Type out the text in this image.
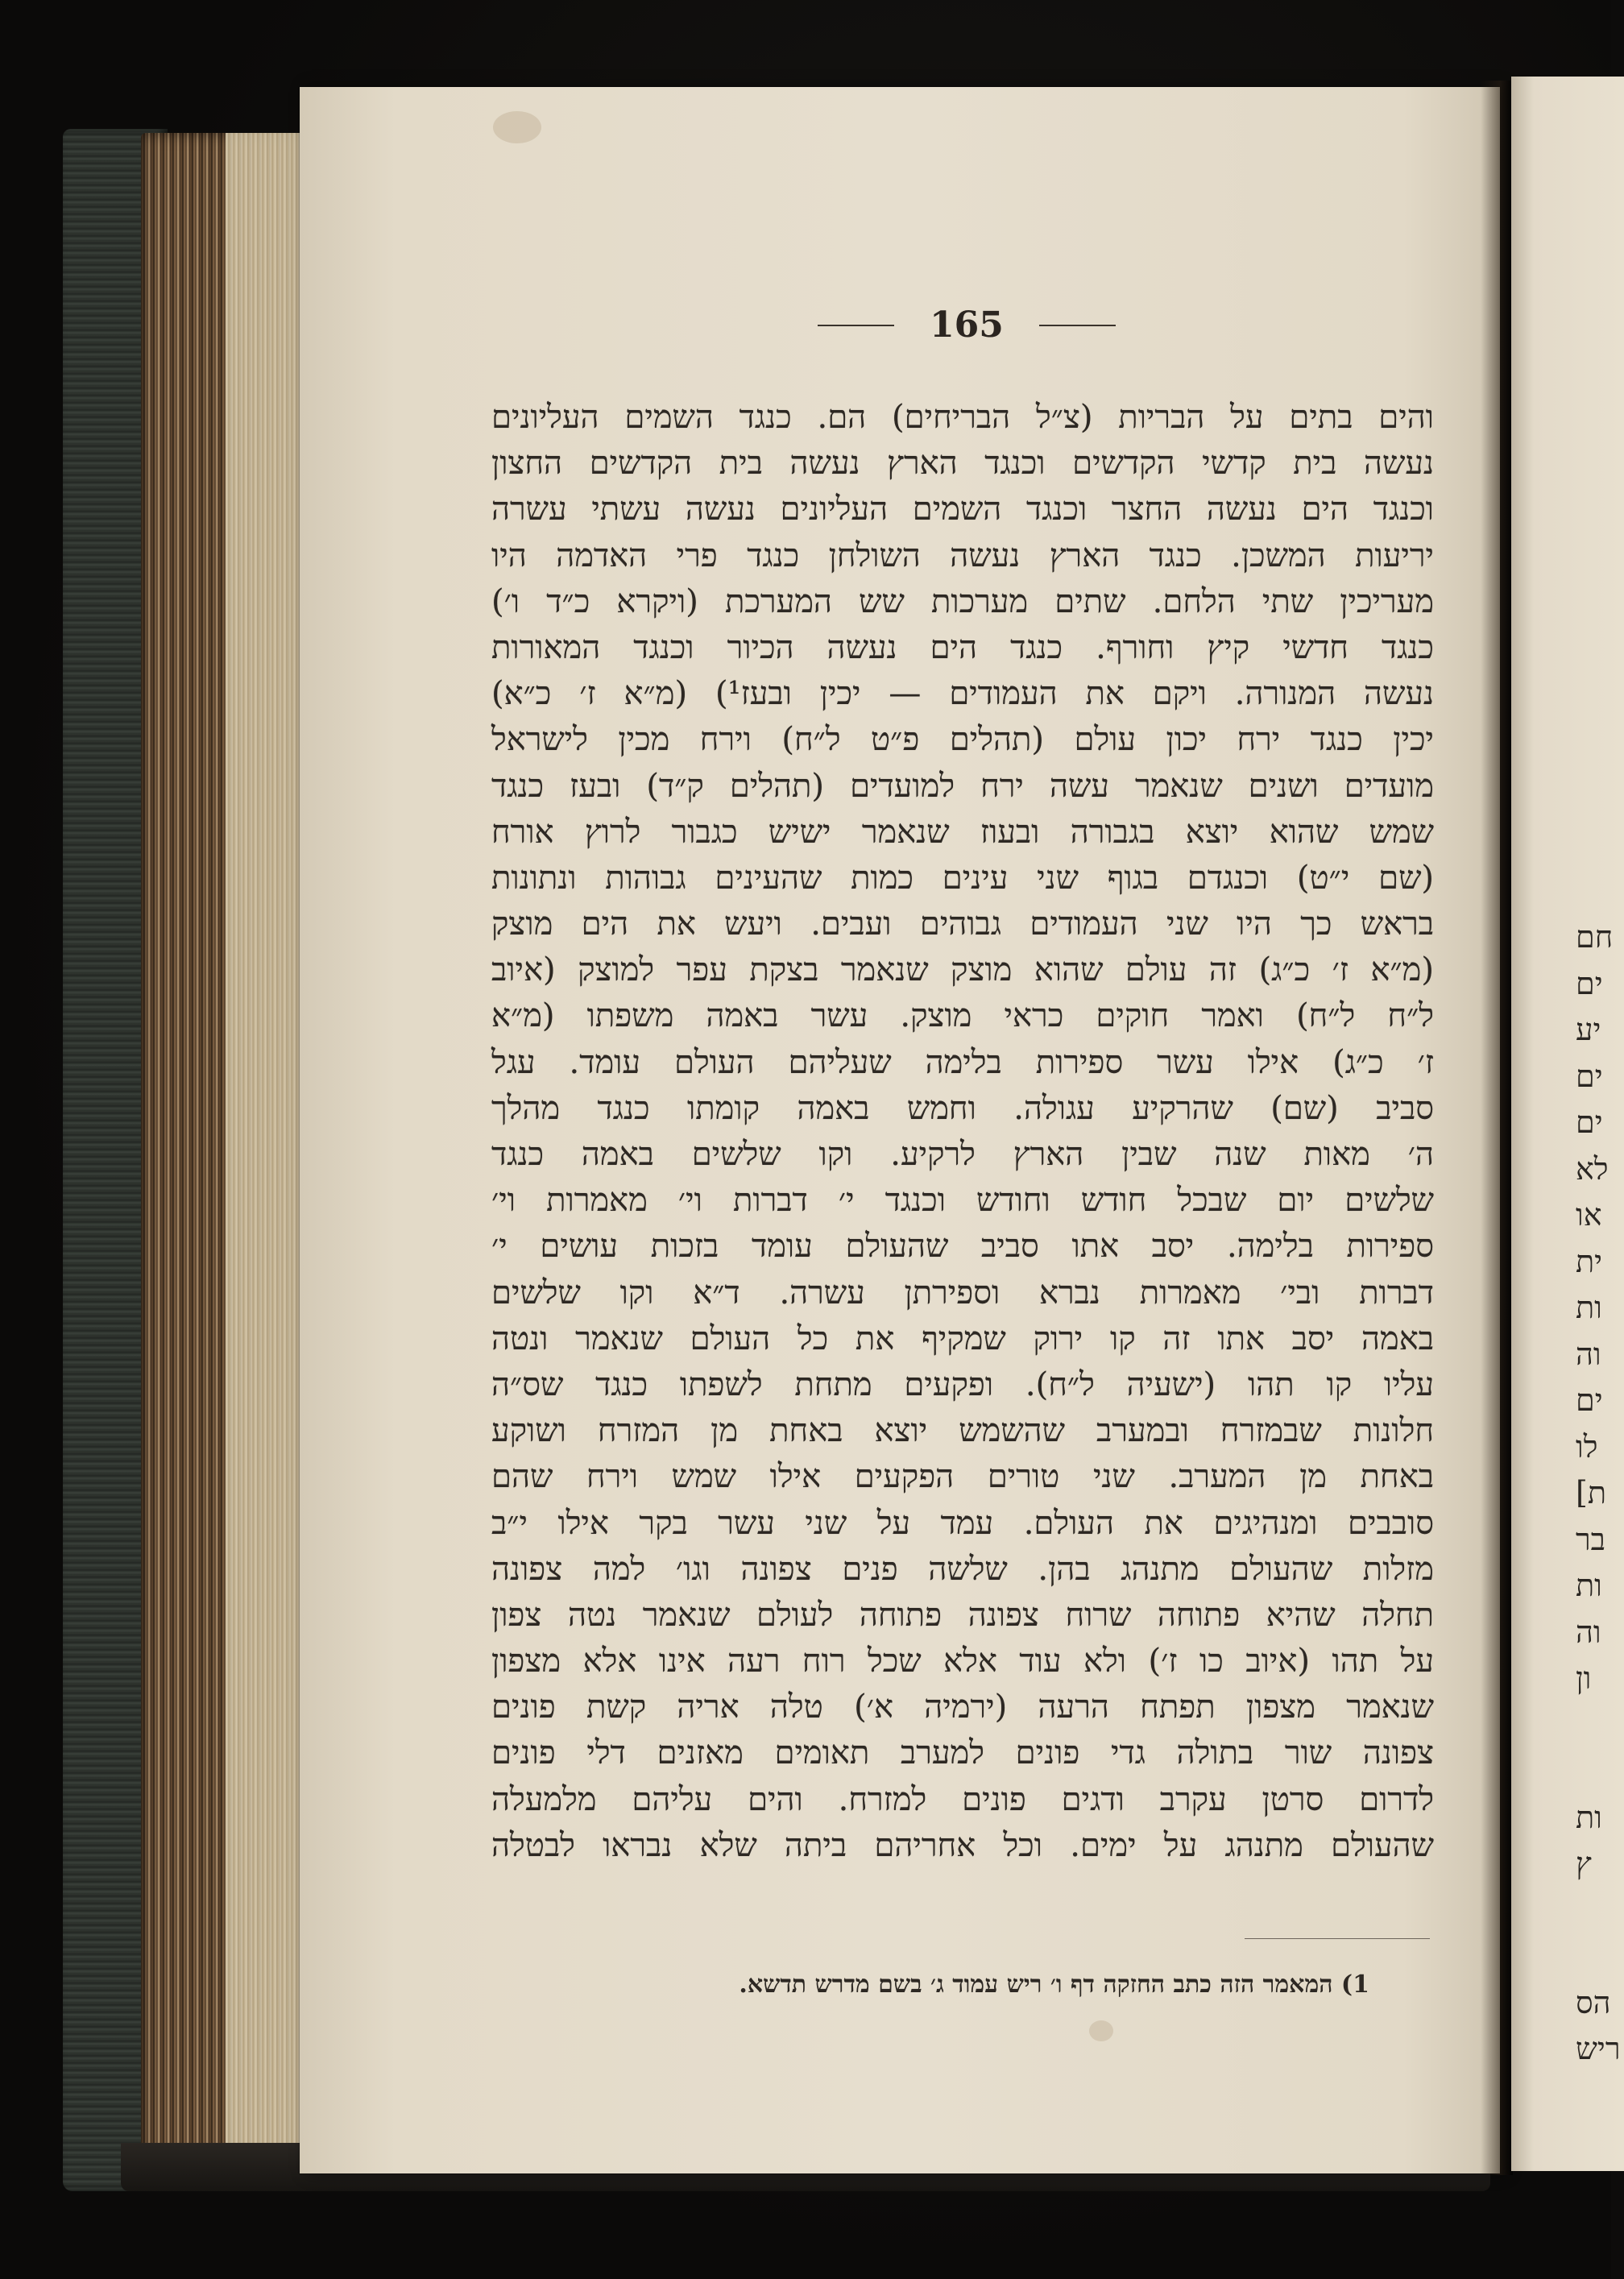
165
והים בתים על הבריות (צ״ל הבריחים) הם. כנגד השמים העליונים
נעשה בית קדשי הקדשים וכנגד הארץ נעשה בית הקדשים החצון
וכנגד הים נעשה החצר וכנגד השמים העליונים נעשה עשתי עשרה
יריעות המשכן. כנגד הארץ נעשה השולחן כנגד פרי האדמה היו
מעריכין שתי הלחם. שתים מערכות שש המערכת (ויקרא כ״ד ו׳)
כנגד חדשי קיץ וחורף. כנגד הים נעשה הכיור וכנגד המאורות
נעשה המנורה. ויקם את העמודים — יכין ובעז¹) (מ״א ז׳ כ״א)
יכין כנגד ירח יכון עולם (תהלים פ״ט ל״ח) וירח מכין לישראל
מועדים ושנים שנאמר עשה ירח למועדים (תהלים ק״ד) ובעז כנגד
שמש שהוא יוצא בגבורה ובעוז שנאמר ישיש כגבור לרוץ אורח
(שם י״ט) וכנגדם בגוף שני עינים כמות שהעינים גבוהות ונתונות
בראש כך היו שני העמודים גבוהים ועבים. ויעש את הים מוצק
(מ״א ז׳ כ״ג) זה עולם שהוא מוצק שנאמר בצקת עפר למוצק (איוב
ל״ח ל״ח) ואמר חוקים כראי מוצק. עשר באמה משפתו (מ״א
ז׳ כ״ג) אילו עשר ספירות בלימה שעליהם העולם עומד. עגל
סביב (שם) שהרקיע עגולה. וחמש באמה קומתו כנגד מהלך
ה׳ מאות שנה שבין הארץ לרקיע. וקו שלשים באמה כנגד
שלשים יום שבכל חודש וחודש וכנגד י׳ דברות וי׳ מאמרות וי׳
ספירות בלימה. יסב אתו סביב שהעולם עומד בזכות עושים י׳
דברות ובי׳ מאמרות נברא וספירתן עשרה. ד״א וקו שלשים
באמה יסב אתו זה קו ירוק שמקיף את כל העולם שנאמר ונטה
עליו קו תהו (ישעיה ל״ח). ופקעים מתחת לשפתו כנגד שס״ה
חלונות שבמזרח ובמערב שהשמש יוצא באחת מן המזרח ושוקע
באחת מן המערב. שני טורים הפקעים אילו שמש וירח שהם
סובבים ומנהיגים את העולם. עמד על שני עשר בקר אילו י״ב
מזלות שהעולם מתנהג בהן. שלשה פנים צפונה וגו׳ למה צפונה
תחלה שהיא פתוחה שרוח צפונה פתוחה לעולם שנאמר נטה צפון
על תהו (איוב כו ז׳) ולא עוד אלא שכל רוח רעה אינו אלא מצפון
שנאמר מצפון תפתח הרעה (ירמיה א׳) טלה אריה קשת פונים
צפונה שור בתולה גדי פונים למערב תאומים מאזנים דלי פונים
לדרום סרטן עקרב ודגים פונים למזרח. והים עליהם מלמעלה
שהעולם מתנהג על ימים. וכל אחריהם ביתה שלא נבראו לבטלה
1) המאמר הזה כתב החזקה דף ו׳ ריש עמוד ג׳ בשם מדרש תדשא.
חם
ים
יע
ים
ים
לא
או
ית
ות
וה
ים
לו
[ת
בר
ות
וה
ון
ות
ץ
הס
ריש
